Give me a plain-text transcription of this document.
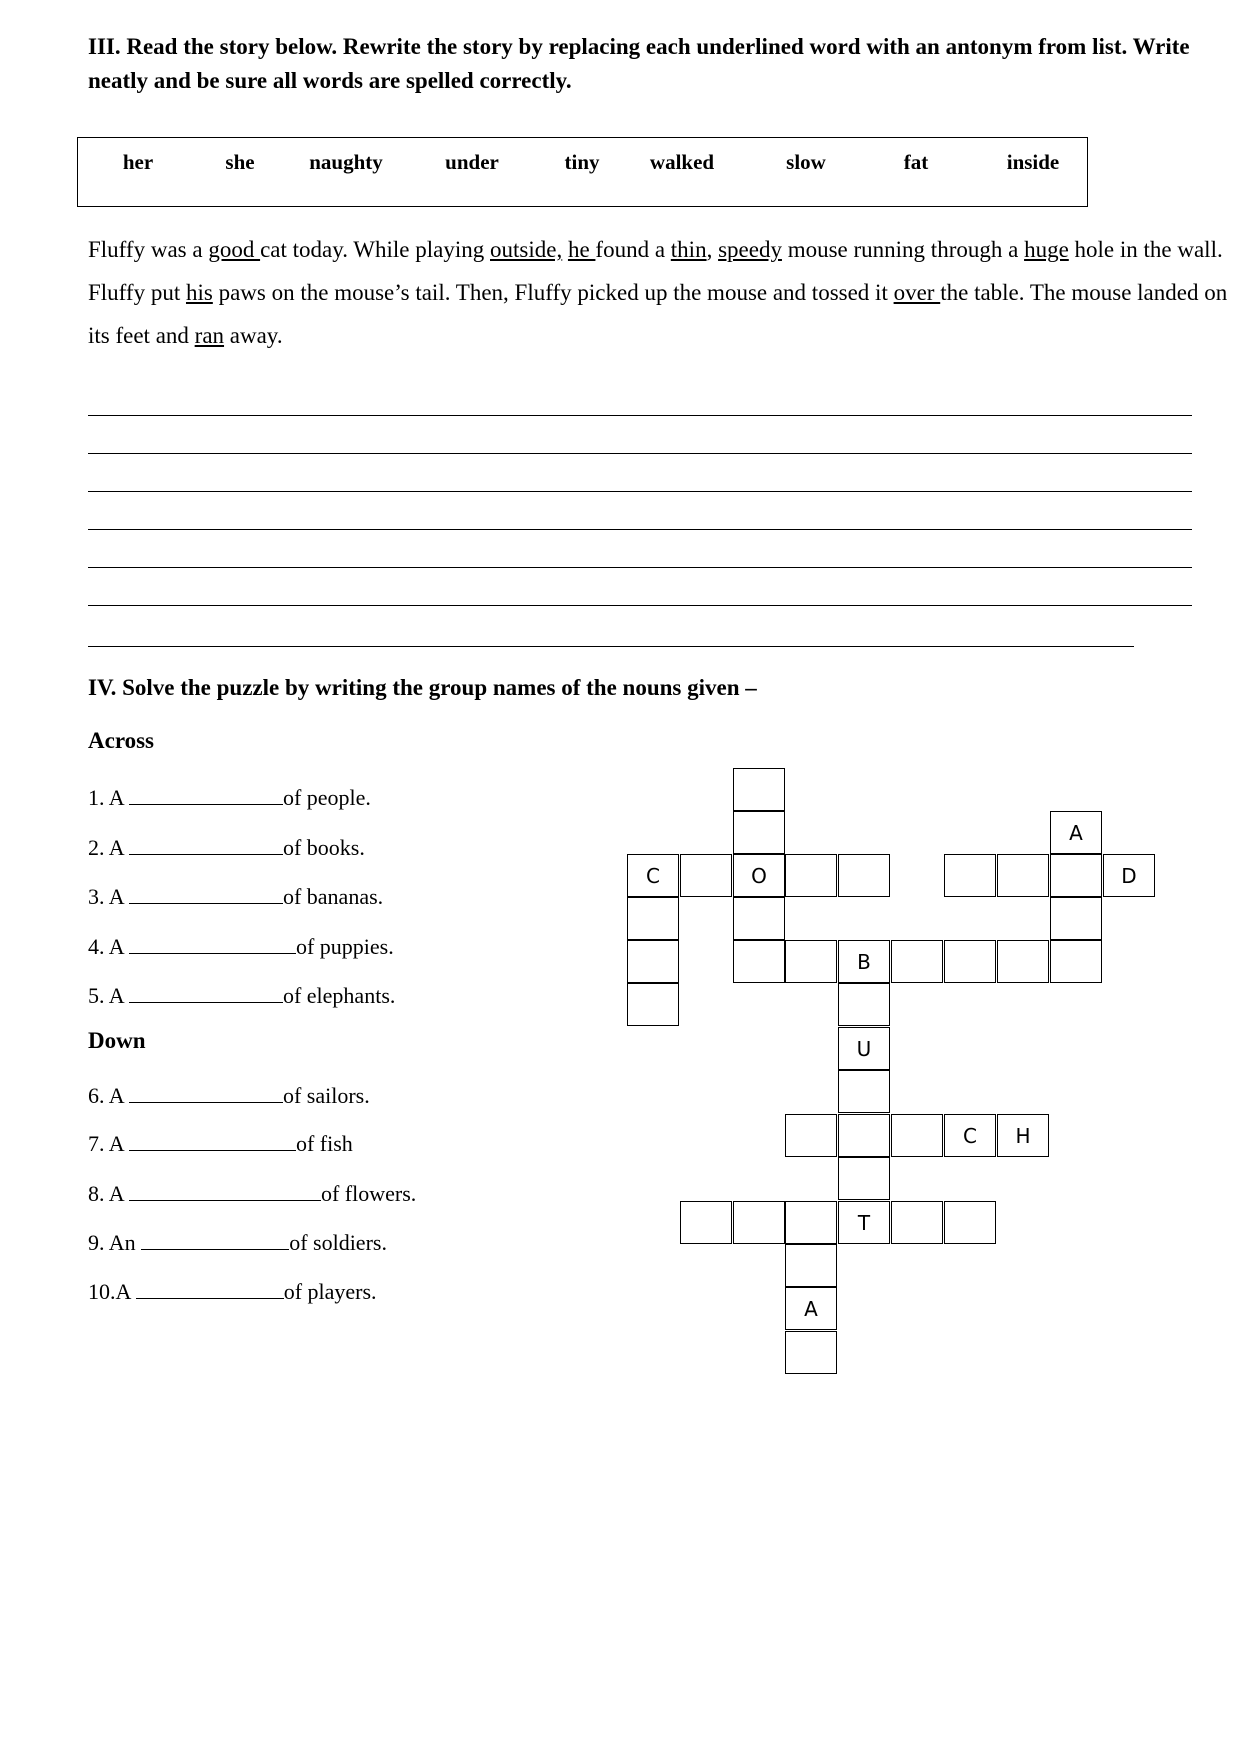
III. Read the story below. Rewrite the story by replacing each underlined word with an antonym from list. Write neatly and be sure all words are spelled correctly.

her	she	naughty	under	tiny walked	slow	fat	inside

Fluffy was a good cat today. While playing outside, he found a thin, speedy mouse running through a huge hole in the wall. Fluffy put his paws on the mouse’s tail. Then, Fluffy picked up the mouse and tossed it over the table. The mouse landed on its feet and ran away.

IV. Solve the puzzle by writing the group names of the nouns given –

Across

1. A	of people.
2. A	of books.
3. A	of bananas.
4. A	of puppies.
5. A	of elephants.

Down

6. A	of sailors.
7. A	of fish
8. A	of flowers.
9. An	of soldiers.
10.A	of players.
A
C	O	D
B
U
C	H
T
A
